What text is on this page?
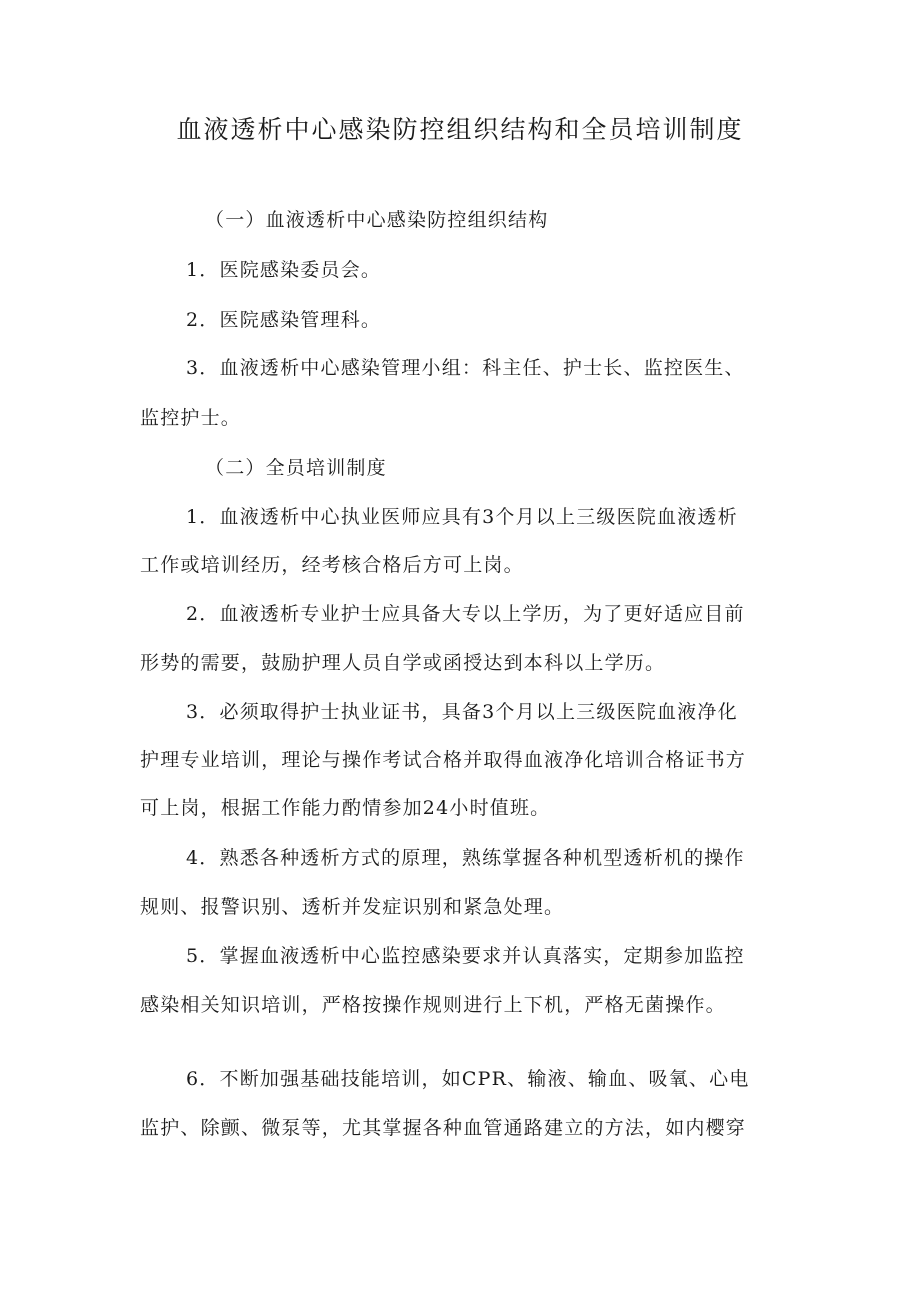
血液透析中心感染防控组织结构和全员培训制度
（一）血液透析中心感染防控组织结构
1．医院感染委员会。
2．医院感染管理科。
3．血液透析中心感染管理小组：科主任、护士长、监控医生、
监控护士。
（二）全员培训制度
1．血液透析中心执业医师应具有3个月以上三级医院血液透析
工作或培训经历，经考核合格后方可上岗。
2．血液透析专业护士应具备大专以上学历，为了更好适应目前
形势的需要，鼓励护理人员自学或函授达到本科以上学历。
3．必须取得护士执业证书，具备3个月以上三级医院血液净化
护理专业培训，理论与操作考试合格并取得血液净化培训合格证书方
可上岗，根据工作能力酌情参加24小时值班。
4．熟悉各种透析方式的原理，熟练掌握各种机型透析机的操作
规则、报警识别、透析并发症识别和紧急处理。
5．掌握血液透析中心监控感染要求并认真落实，定期参加监控
感染相关知识培训，严格按操作规则进行上下机，严格无菌操作。
6．不断加强基础技能培训，如CPR、输液、输血、吸氧、心电
监护、除颤、微泵等，尤其掌握各种血管通路建立的方法，如内樱穿
